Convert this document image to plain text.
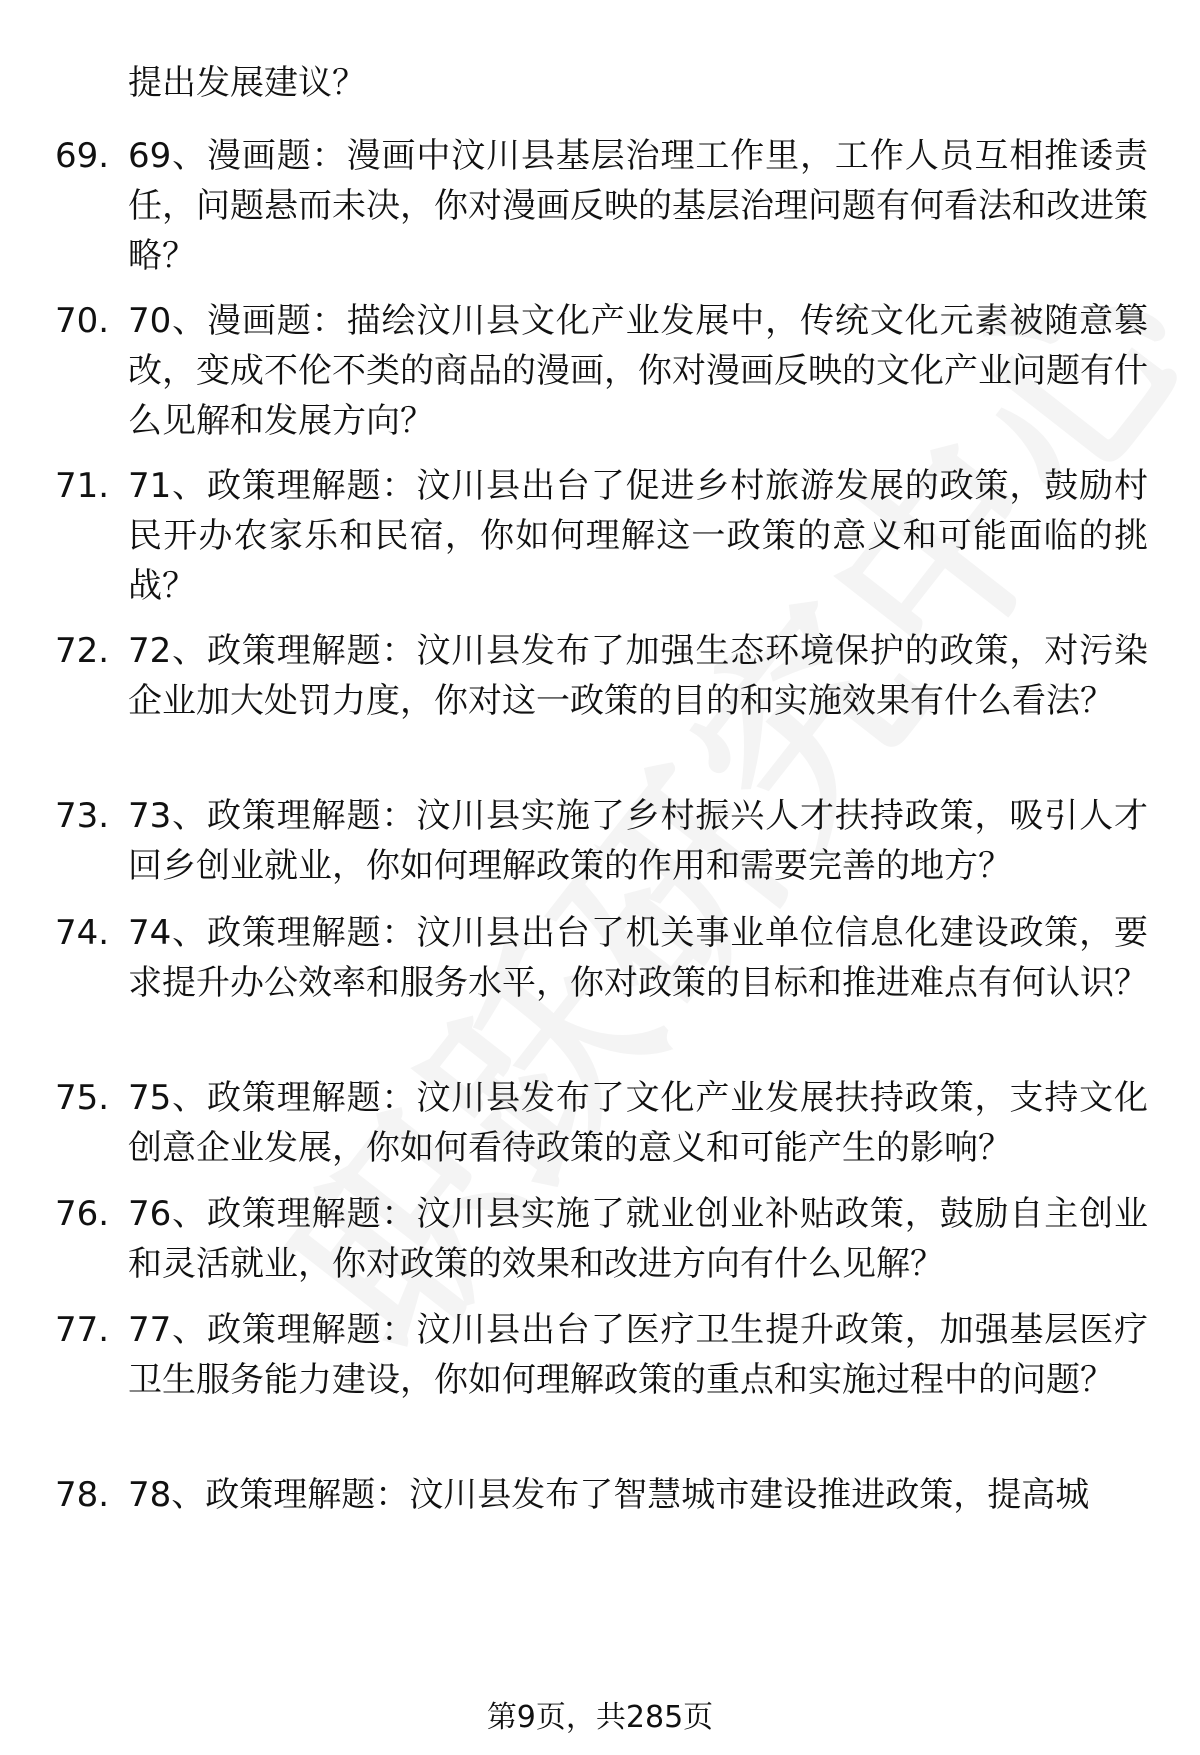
提出发展建议？

69. 69、漫画题：漫画中汶川县基层治理工作里，工作人员互相推诿责任，问题悬而未决，你对漫画反映的基层治理问题有何看法和改进策略？

70. 70、漫画题：描绘汶川县文化产业发展中，传统文化元素被随意篡改，变成不伦不类的商品的漫画，你对漫画反映的文化产业问题有什么见解和发展方向？

71. 71、政策理解题：汶川县出台了促进乡村旅游发展的政策，鼓励村民开办农家乐和民宿，你如何理解这一政策的意义和可能面临的挑战？

72. 72、政策理解题：汶川县发布了加强生态环境保护的政策，对污染企业加大处罚力度，你对这一政策的目的和实施效果有什么看法？

73. 73、政策理解题：汶川县实施了乡村振兴人才扶持政策，吸引人才回乡创业就业，你如何理解政策的作用和需要完善的地方？

74. 74、政策理解题：汶川县出台了机关事业单位信息化建设政策，要求提升办公效率和服务水平，你对政策的目标和推进难点有何认识？

75. 75、政策理解题：汶川县发布了文化产业发展扶持政策，支持文化创意企业发展，你如何看待政策的意义和可能产生的影响？

76. 76、政策理解题：汶川县实施了就业创业补贴政策，鼓励自主创业和灵活就业，你对政策的效果和改进方向有什么见解？

77. 77、政策理解题：汶川县出台了医疗卫生提升政策，加强基层医疗卫生服务能力建设，你如何理解政策的重点和实施过程中的问题？

78. 78、政策理解题：汶川县发布了智慧城市建设推进政策，提高城

第9页，共285页
